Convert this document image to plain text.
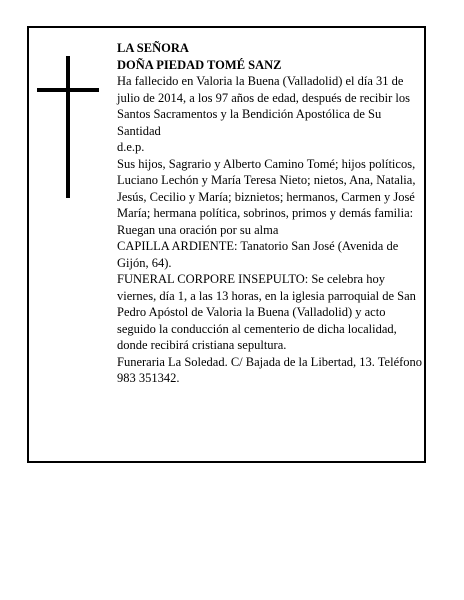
LA SEÑORA

DOÑA PIEDAD TOMÉ SANZ

Ha fallecido en Valoria la Buena (Valladolid) el día 31 de julio de 2014, a los 97 años de edad, después de recibir los Santos Sacramentos y la Bendición Apostólica de Su Santidad

d.e.p.

Sus hijos, Sagrario y Alberto Camino Tomé; hijos políticos, Luciano Lechón y María Teresa Nieto; nietos, Ana, Natalia, Jesús, Cecilio y María; biznietos; hermanos, Carmen y José María; hermana política, sobrinos, primos y demás familia:

Ruegan una oración por su alma

CAPILLA ARDIENTE: Tanatorio San José (Avenida de Gijón, 64).

FUNERAL CORPORE INSEPULTO: Se celebra hoy viernes, día 1, a las 13 horas, en la iglesia parroquial de San Pedro Apóstol de Valoria la Buena (Valladolid) y acto seguido la conducción al cementerio de dicha localidad, donde recibirá cristiana sepultura.

Funeraria La Soledad. C/ Bajada de la Libertad, 13. Teléfono 983 351342.
